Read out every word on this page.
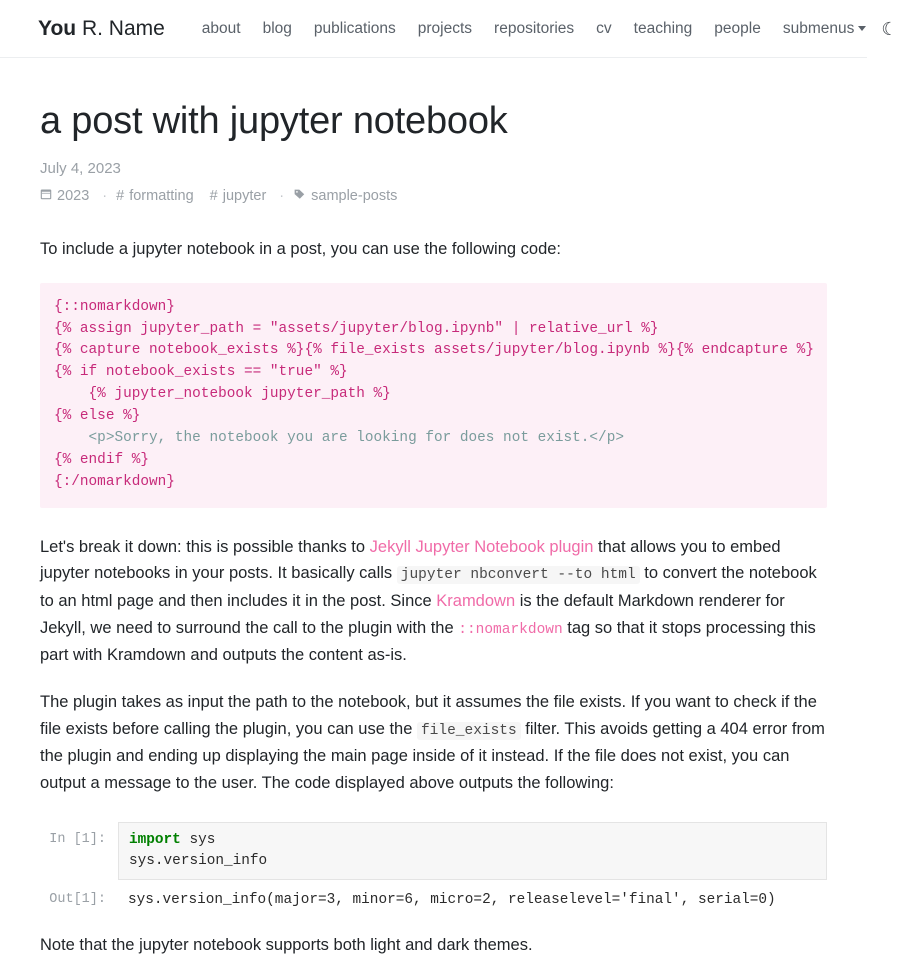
You R. Name	about	blog	publications	projects	repositories	cv	teaching	people	submenus	☾
a post with jupyter notebook
July 4, 2023
2023 · # formatting # jupyter · sample-posts

To include a jupyter notebook in a post, you can use the following code:

{::nomarkdown}
{% assign jupyter_path = "assets/jupyter/blog.ipynb" | relative_url %}
{% capture notebook_exists %}{% file_exists assets/jupyter/blog.ipynb %}{% endcapture %}
{% if notebook_exists == "true" %}
{% jupyter_notebook jupyter_path %}
{% else %}
<p>Sorry, the notebook you are looking for does not exist.</p>
{% endif %}
{:/nomarkdown}

Let's break it down: this is possible thanks to Jekyll Jupyter Notebook plugin that allows you to embed jupyter notebooks in your posts. It basically calls jupyter nbconvert --to html to convert the notebook to an html page and then includes it in the post. Since Kramdown is the default Markdown renderer for Jekyll, we need to surround the call to the plugin with the ::nomarkdown tag so that it stops processing this part with Kramdown and outputs the content as-is.

The plugin takes as input the path to the notebook, but it assumes the file exists. If you want to check if the file exists before calling the plugin, you can use the file_exists filter. This avoids getting a 404 error from the plugin and ending up displaying the main page inside of it instead. If the file does not exist, you can output a message to the user. The code displayed above outputs the following:

In [1]:	import sys
sys.version_info
Out[1]:	sys.version_info(major=3, minor=6, micro=2, releaselevel='final', serial=0)

Note that the jupyter notebook supports both light and dark themes.
